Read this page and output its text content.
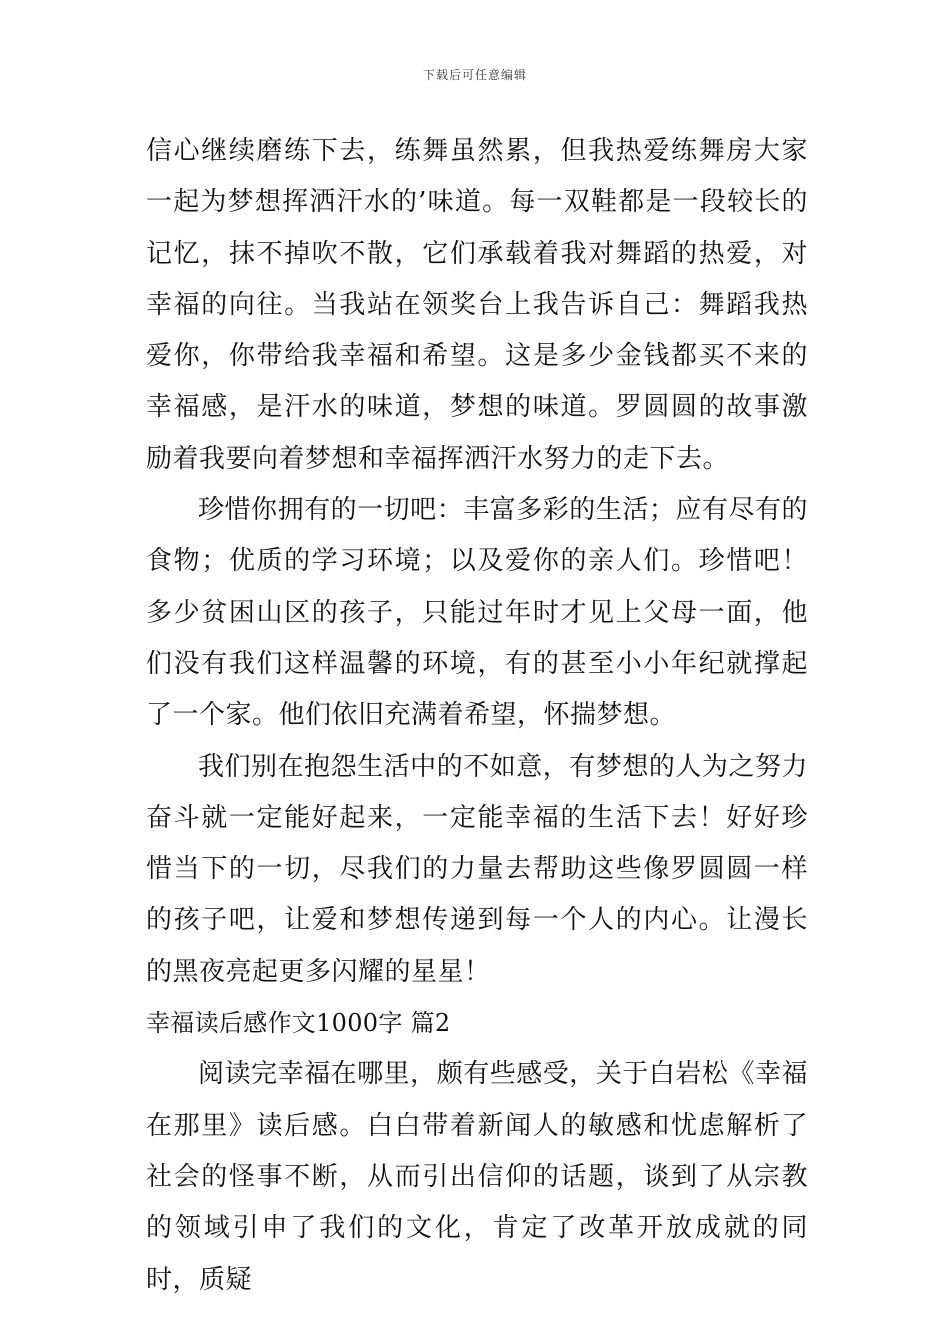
下载后可任意编辑

信心继续磨练下去，练舞虽然累，但我热爱练舞房大家一起为梦想挥洒汗水的’味道。每一双鞋都是一段较长的记忆，抹不掉吹不散，它们承载着我对舞蹈的热爱，对幸福的向往。当我站在领奖台上我告诉自己：舞蹈我热爱你，你带给我幸福和希望。这是多少金钱都买不来的幸福感，是汗水的味道，梦想的味道。罗圆圆的故事激励着我要向着梦想和幸福挥洒汗水努力的走下去。

珍惜你拥有的一切吧：丰富多彩的生活；应有尽有的食物；优质的学习环境；以及爱你的亲人们。珍惜吧！多少贫困山区的孩子，只能过年时才见上父母一面，他们没有我们这样温馨的环境，有的甚至小小年纪就撑起了一个家。他们依旧充满着希望，怀揣梦想。

我们别在抱怨生活中的不如意，有梦想的人为之努力奋斗就一定能好起来，一定能幸福的生活下去！好好珍惜当下的一切，尽我们的力量去帮助这些像罗圆圆一样的孩子吧，让爱和梦想传递到每一个人的内心。让漫长的黑夜亮起更多闪耀的星星！

幸福读后感作文1000字 篇2

阅读完幸福在哪里，颇有些感受，关于白岩松《幸福在那里》读后感。白白带着新闻人的敏感和忧虑解析了社会的怪事不断，从而引出信仰的话题，谈到了从宗教的领域引申了我们的文化，肯定了改革开放成就的同时，质疑
